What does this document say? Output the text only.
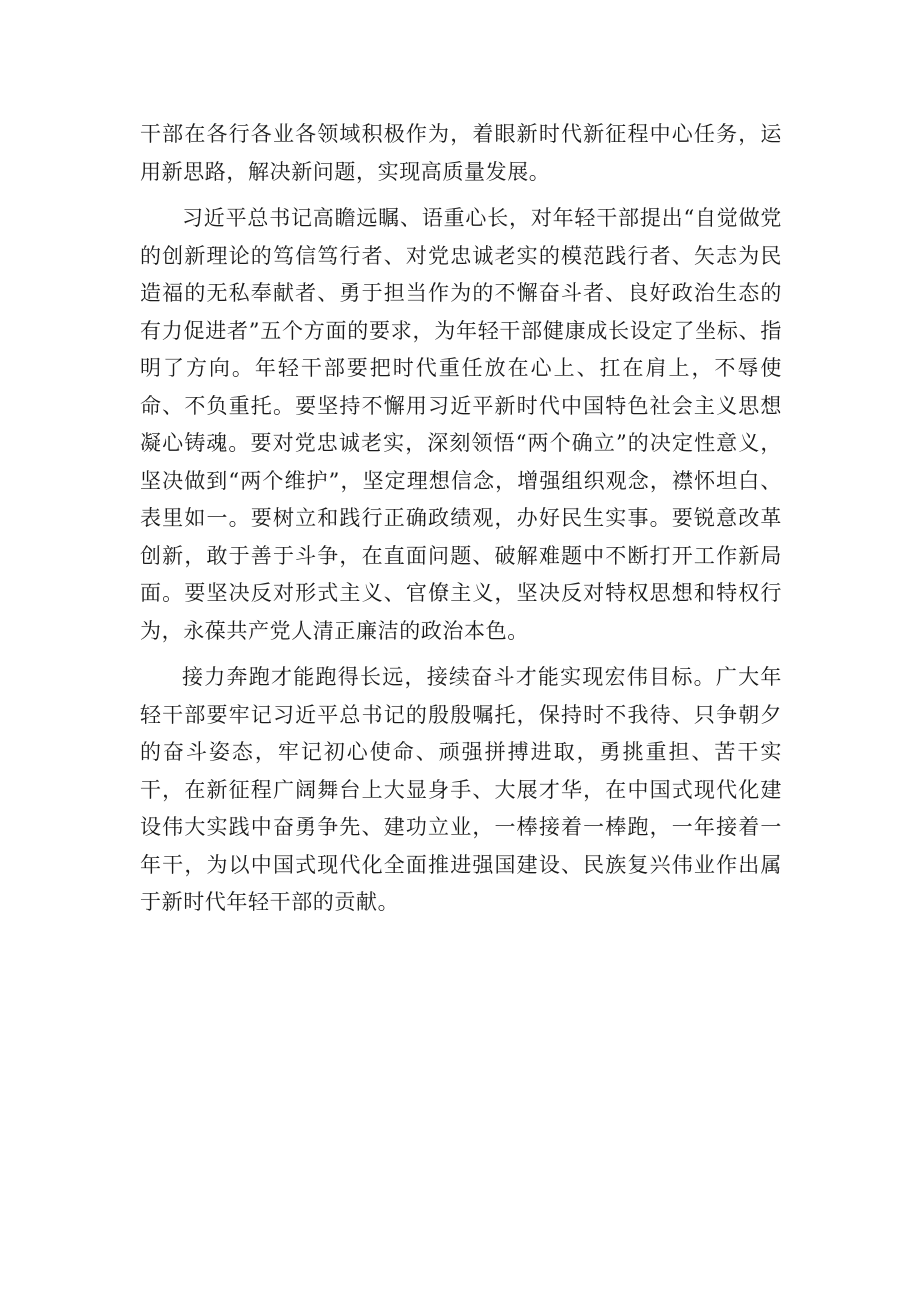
干部在各行各业各领域积极作为，着眼新时代新征程中心任务，运用新思路，解决新问题，实现高质量发展。

习近平总书记高瞻远瞩、语重心长，对年轻干部提出“自觉做党的创新理论的笃信笃行者、对党忠诚老实的模范践行者、矢志为民造福的无私奉献者、勇于担当作为的不懈奋斗者、良好政治生态的有力促进者”五个方面的要求，为年轻干部健康成长设定了坐标、指明了方向。年轻干部要把时代重任放在心上、扛在肩上，不辱使命、不负重托。要坚持不懈用习近平新时代中国特色社会主义思想凝心铸魂。要对党忠诚老实，深刻领悟“两个确立”的决定性意义，坚决做到“两个维护”，坚定理想信念，增强组织观念，襟怀坦白、表里如一。要树立和践行正确政绩观，办好民生实事。要锐意改革创新，敢于善于斗争，在直面问题、破解难题中不断打开工作新局面。要坚决反对形式主义、官僚主义，坚决反对特权思想和特权行为，永葆共产党人清正廉洁的政治本色。

接力奔跑才能跑得长远，接续奋斗才能实现宏伟目标。广大年轻干部要牢记习近平总书记的殷殷嘱托，保持时不我待、只争朝夕的奋斗姿态，牢记初心使命、顽强拼搏进取，勇挑重担、苦干实干，在新征程广阔舞台上大显身手、大展才华，在中国式现代化建设伟大实践中奋勇争先、建功立业，一棒接着一棒跑，一年接着一年干，为以中国式现代化全面推进强国建设、民族复兴伟业作出属于新时代年轻干部的贡献。
